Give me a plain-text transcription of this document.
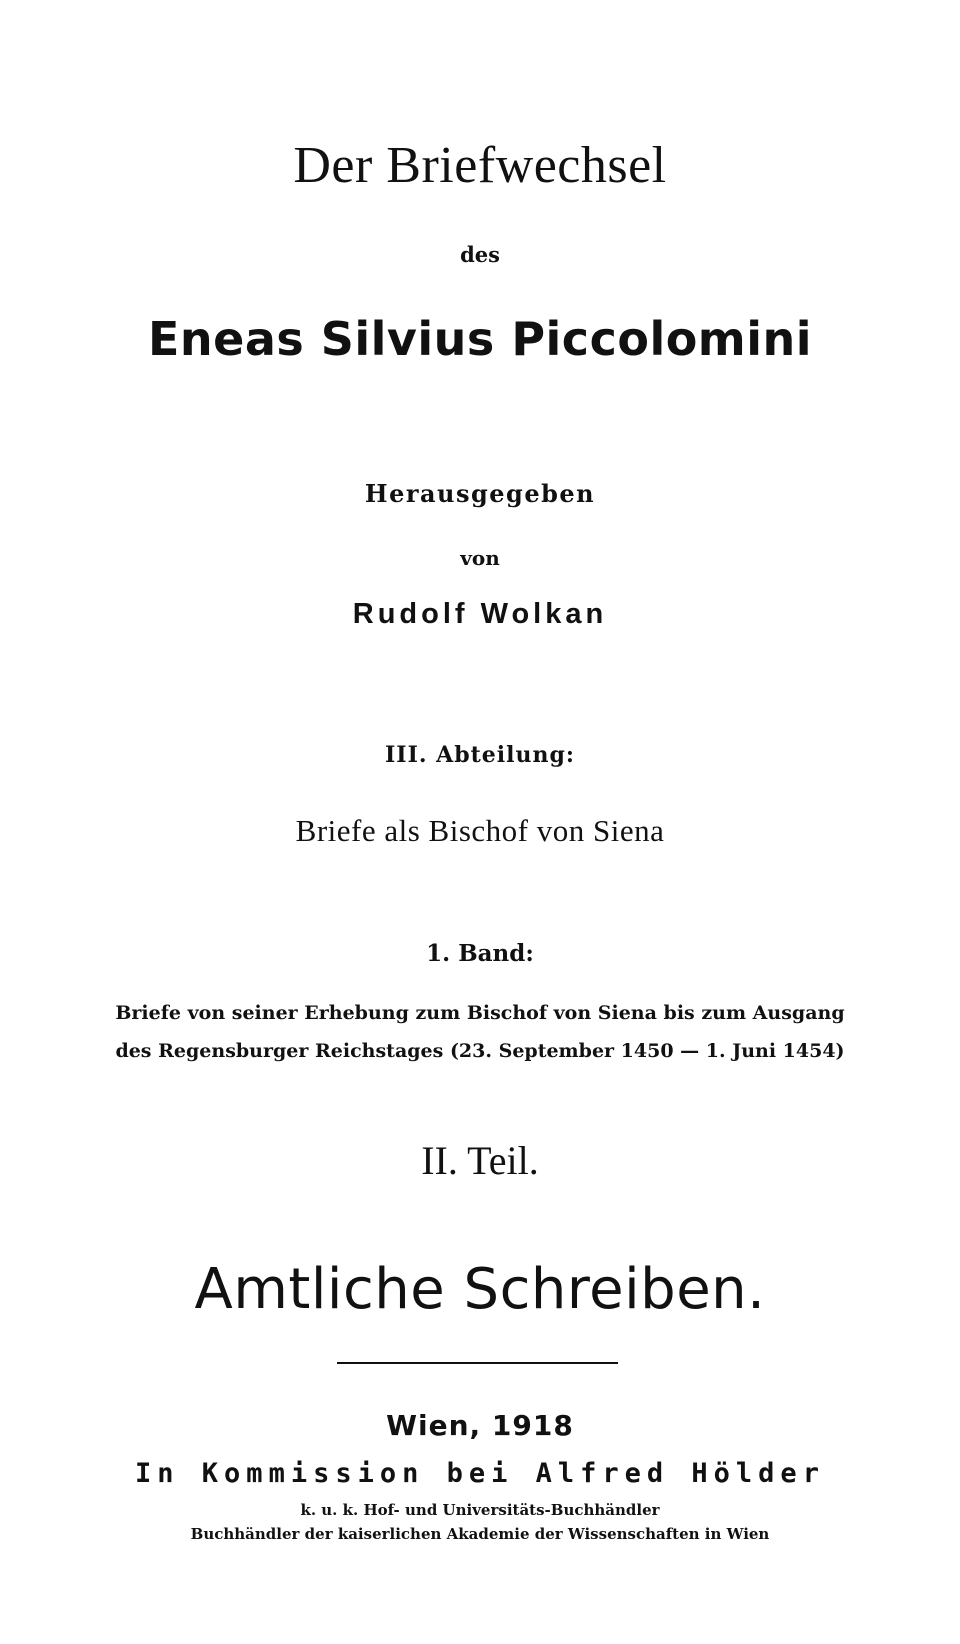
Der Briefwechsel
des
Eneas Silvius Piccolomini
Herausgegeben
von
Rudolf Wolkan
III. Abteilung:
Briefe als Bischof von Siena
1. Band:
Briefe von seiner Erhebung zum Bischof von Siena bis zum Ausgang
des Regensburger Reichstages (23. September 1450 — 1. Juni 1454)
II. Teil.
Amtliche Schreiben.
Wien, 1918
In Kommission bei Alfred Hölder
k. u. k. Hof- und Universitäts-Buchhändler
Buchhändler der kaiserlichen Akademie der Wissenschaften in Wien
